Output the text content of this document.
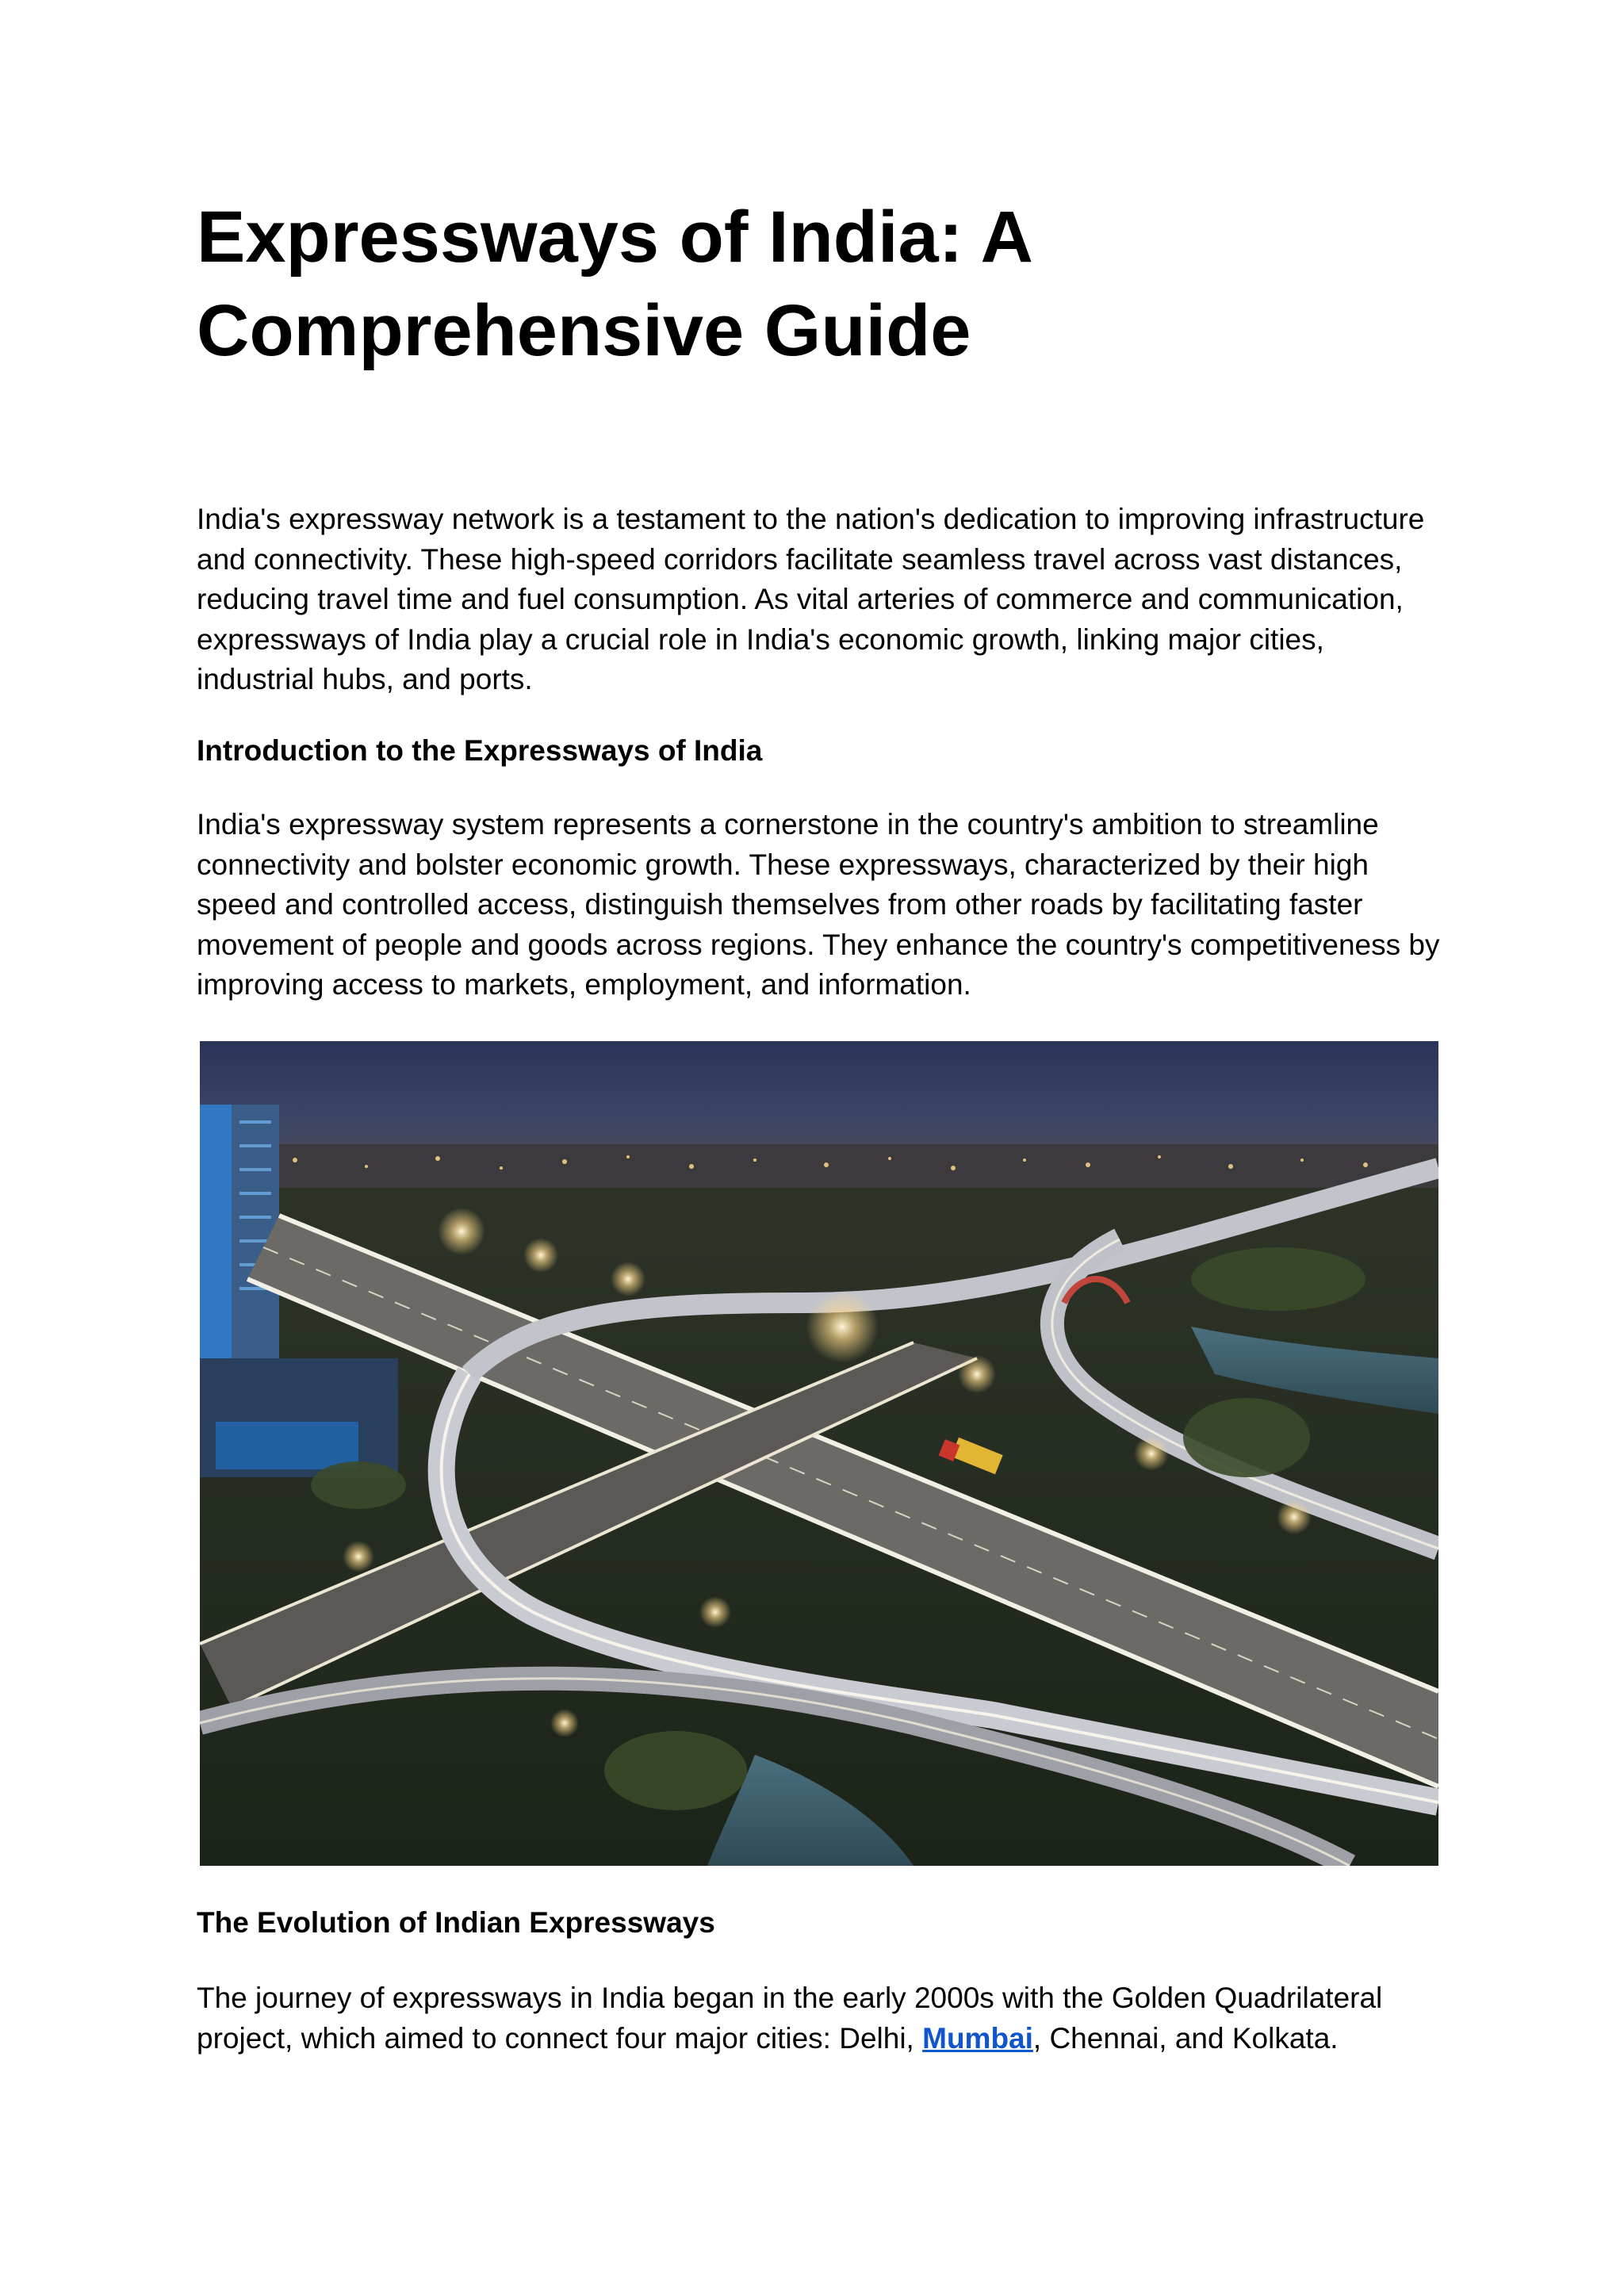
Expressways of India: A Comprehensive Guide

India's expressway network is a testament to the nation's dedication to improving infrastructure and connectivity. These high-speed corridors facilitate seamless travel across vast distances, reducing travel time and fuel consumption. As vital arteries of commerce and communication, expressways of India play a crucial role in India's economic growth, linking major cities, industrial hubs, and ports.

Introduction to the Expressways of India

India's expressway system represents a cornerstone in the country's ambition to streamline connectivity and bolster economic growth. These expressways, characterized by their high speed and controlled access, distinguish themselves from other roads by facilitating faster movement of people and goods across regions. They enhance the country's competitiveness by improving access to markets, employment, and information.

The Evolution of Indian Expressways

The journey of expressways in India began in the early 2000s with the Golden Quadrilateral project, which aimed to connect four major cities: Delhi, Mumbai, Chennai, and Kolkata.
